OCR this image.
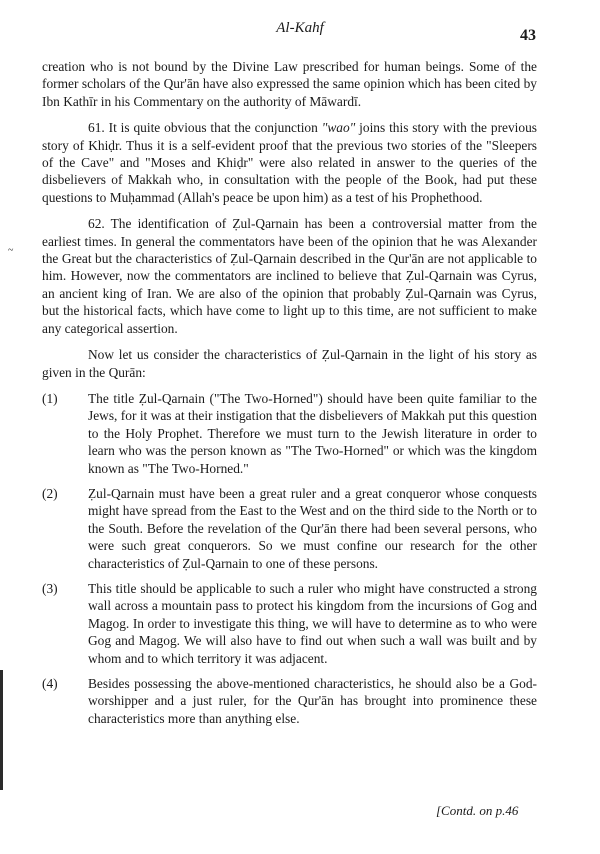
~
Al-Kahf	43

creation who is not bound by the Divine Law prescribed for human beings. Some of the former scholars of the Qur'ān have also expressed the same opinion which has been cited by Ibn Kathīr in his Commentary on the authority of Māwardī.

61. It is quite obvious that the conjunction "wao" joins this story with the previous story of Khiḍr. Thus it is a self-evident proof that the previous two stories of the "Sleepers of the Cave" and "Moses and Khiḍr" were also related in answer to the queries of the disbelievers of Makkah who, in consultation with the people of the Book, had put these questions to Muḥammad (Allah's peace be upon him) as a test of his Prophethood.

62. The identification of Ẓul-Qarnain has been a controversial matter from the earliest times. In general the commentators have been of the opinion that he was Alexander the Great but the characteristics of Ẓul-Qarnain described in the Qur'ān are not applicable to him. However, now the commentators are inclined to believe that Ẓul-Qarnain was Cyrus, an ancient king of Iran. We are also of the opinion that probably Ẓul-Qarnain was Cyrus, but the historical facts, which have come to light up to this time, are not sufficient to make any categorical assertion.

Now let us consider the characteristics of Ẓul-Qarnain in the light of his story as given in the Qurān:

(1)	The title Ẓul-Qarnain ("The Two-Horned") should have been quite familiar to the Jews, for it was at their instigation that the disbelievers of Makkah put this question to the Holy Prophet. Therefore we must turn to the Jewish literature in order to learn who was the person known as "The Two-Horned" or which was the kingdom known as "The Two-Horned."
(2)	Ẓul-Qarnain must have been a great ruler and a great conqueror whose conquests might have spread from the East to the West and on the third side to the North or to the South. Before the revelation of the Qur'ān there had been several persons, who were such great conquerors. So we must confine our research for the other characteristics of Ẓul-Qarnain to one of these persons.
(3)	This title should be applicable to such a ruler who might have constructed a strong wall across a mountain pass to protect his kingdom from the incursions of Gog and Magog. In order to investigate this thing, we will have to determine as to who were Gog and Magog. We will also have to find out when such a wall was built and by whom and to which territory it was adjacent.
(4)	Besides possessing the above-mentioned characteristics, he should also be a God-worshipper and a just ruler, for the Qur'ān has brought into prominence these characteristics more than anything else.
[Contd. on p.46
